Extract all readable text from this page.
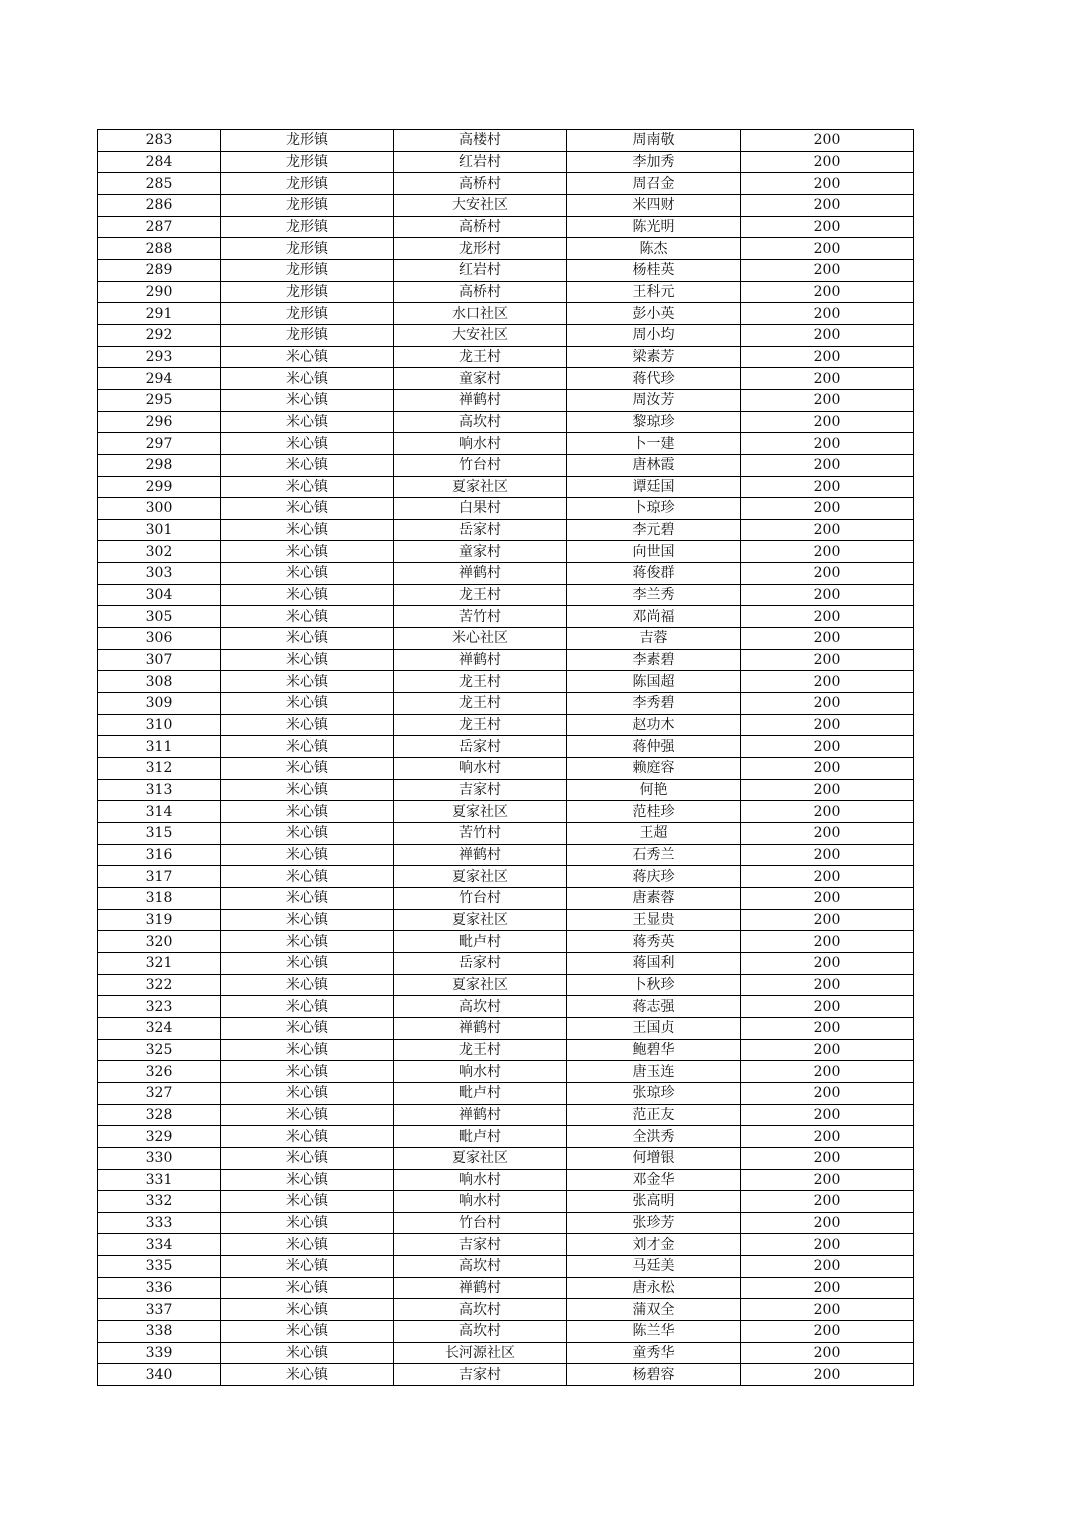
283	龙形镇	高楼村	周南敬	200
284	龙形镇	红岩村	李加秀	200
285	龙形镇	高桥村	周召金	200
286	龙形镇	大安社区	米四财	200
287	龙形镇	高桥村	陈光明	200
288	龙形镇	龙形村	陈杰	200
289	龙形镇	红岩村	杨桂英	200
290	龙形镇	高桥村	王科元	200
291	龙形镇	水口社区	彭小英	200
292	龙形镇	大安社区	周小均	200
293	米心镇	龙王村	梁素芳	200
294	米心镇	童家村	蒋代珍	200
295	米心镇	禅鹤村	周汝芳	200
296	米心镇	高坎村	黎琼珍	200
297	米心镇	响水村	卜一建	200
298	米心镇	竹台村	唐林霞	200
299	米心镇	夏家社区	谭廷国	200
300	米心镇	白果村	卜琼珍	200
301	米心镇	岳家村	李元碧	200
302	米心镇	童家村	向世国	200
303	米心镇	禅鹤村	蒋俊群	200
304	米心镇	龙王村	李兰秀	200
305	米心镇	苦竹村	邓尚福	200
306	米心镇	米心社区	吉蓉	200
307	米心镇	禅鹤村	李素碧	200
308	米心镇	龙王村	陈国超	200
309	米心镇	龙王村	李秀碧	200
310	米心镇	龙王村	赵功木	200
311	米心镇	岳家村	蒋仲强	200
312	米心镇	响水村	赖庭容	200
313	米心镇	吉家村	何艳	200
314	米心镇	夏家社区	范桂珍	200
315	米心镇	苦竹村	王超	200
316	米心镇	禅鹤村	石秀兰	200
317	米心镇	夏家社区	蒋庆珍	200
318	米心镇	竹台村	唐素蓉	200
319	米心镇	夏家社区	王显贵	200
320	米心镇	毗卢村	蒋秀英	200
321	米心镇	岳家村	蒋国利	200
322	米心镇	夏家社区	卜秋珍	200
323	米心镇	高坎村	蒋志强	200
324	米心镇	禅鹤村	王国贞	200
325	米心镇	龙王村	鲍碧华	200
326	米心镇	响水村	唐玉连	200
327	米心镇	毗卢村	张琼珍	200
328	米心镇	禅鹤村	范正友	200
329	米心镇	毗卢村	全洪秀	200
330	米心镇	夏家社区	何增银	200
331	米心镇	响水村	邓金华	200
332	米心镇	响水村	张高明	200
333	米心镇	竹台村	张珍芳	200
334	米心镇	吉家村	刘才金	200
335	米心镇	高坎村	马廷美	200
336	米心镇	禅鹤村	唐永松	200
337	米心镇	高坎村	蒲双全	200
338	米心镇	高坎村	陈兰华	200
339	米心镇	长河源社区	童秀华	200
340	米心镇	吉家村	杨碧容	200
